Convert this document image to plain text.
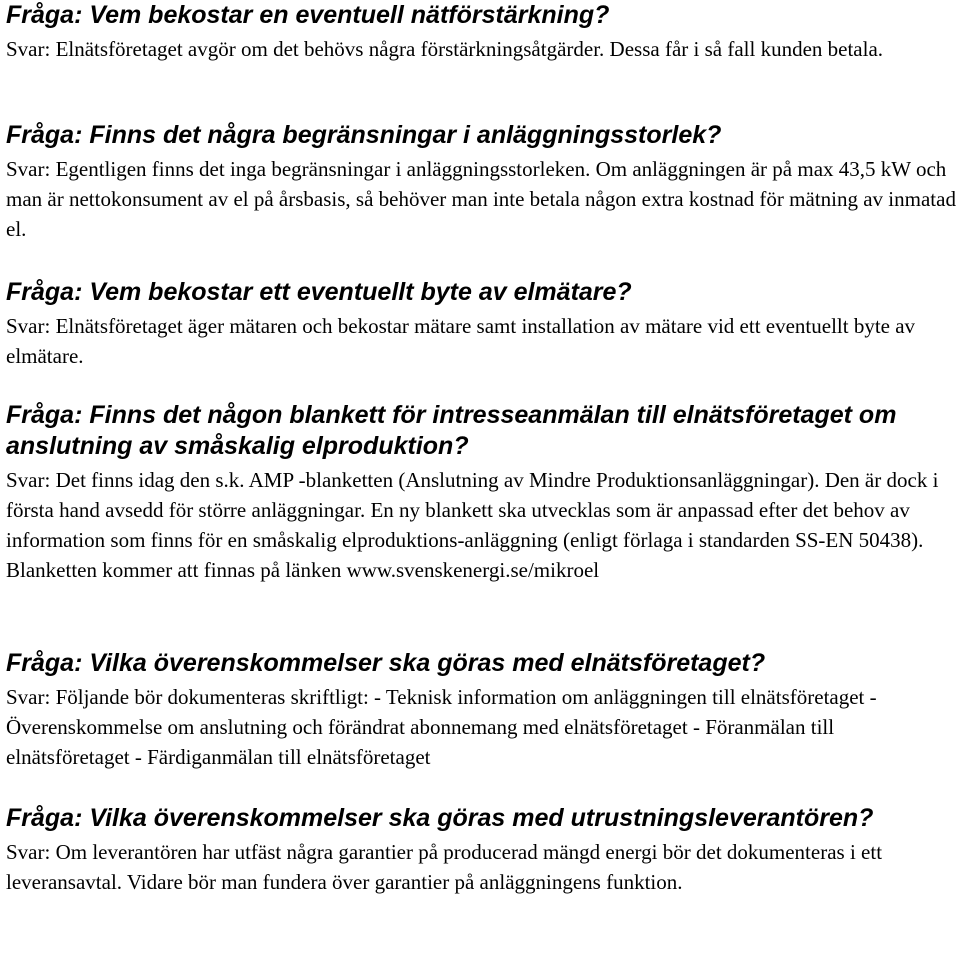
Fråga: Vem bekostar en eventuell nätförstärkning?

Svar: Elnätsföretaget avgör om det behövs några förstärkningsåtgärder. Dessa får i så fall kunden betala.

Fråga: Finns det några begränsningar i anläggningsstorlek?

Svar: Egentligen finns det inga begränsningar i anläggningsstorleken. Om anläggningen är på max 43,5 kW och man är nettokonsument av el på årsbasis, så behöver man inte betala någon extra kostnad för mätning av inmatad el.

Fråga: Vem bekostar ett eventuellt byte av elmätare?

Svar: Elnätsföretaget äger mätaren och bekostar mätare samt installation av mätare vid ett eventuellt byte av elmätare.

Fråga: Finns det någon blankett för intresseanmälan till elnätsföretaget om anslutning av småskalig elproduktion?

Svar: Det finns idag den s.k. AMP -blanketten (Anslutning av Mindre Produktionsanläggningar). Den är dock i första hand avsedd för större anläggningar. En ny blankett ska utvecklas som är anpassad efter det behov av information som finns för en småskalig elproduktions-anläggning (enligt förlaga i standarden SS-EN 50438). Blanketten kommer att finnas på länken www.svenskenergi.se/mikroel

Fråga: Vilka överenskommelser ska göras med elnätsföretaget?

Svar: Följande bör dokumenteras skriftligt: - Teknisk information om anläggningen till elnätsföretaget - Överenskommelse om anslutning och förändrat abonnemang med elnätsföretaget - Föranmälan till elnätsföretaget - Färdiganmälan till elnätsföretaget

Fråga: Vilka överenskommelser ska göras med utrustningsleverantören?

Svar: Om leverantören har utfäst några garantier på producerad mängd energi bör det dokumenteras i ett leveransavtal. Vidare bör man fundera över garantier på anläggningens funktion.
